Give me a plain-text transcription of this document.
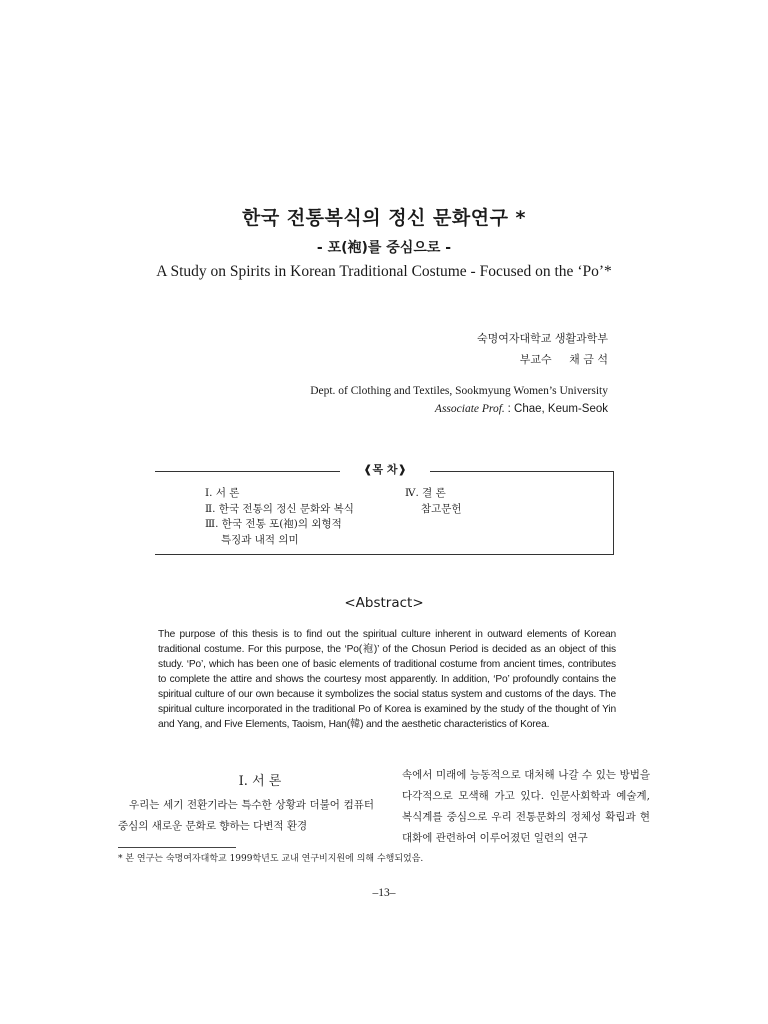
한국 전통복식의 정신 문화연구 *
- 포(袍)를 중심으로 -
A Study on Spirits in Korean Traditional Costume - Focused on the ‘Po’*
숙명여자대학교 생활과학부
부교수 채 금 석
Dept. of Clothing and Textiles, Sookmyung Women’s University
Associate Prof. : Chae, Keum-Seok
❰목 차❱
Ⅰ. 서 론
Ⅱ. 한국 전통의 정신 문화와 복식
Ⅲ. 한국 전통 포(袍)의 외형적
특징과 내적 의미
Ⅳ. 결 론
참고문헌
<Abstract>
The purpose of this thesis is to find out the spiritual culture inherent in outward elements of Korean traditional costume. For this purpose, the ‘Po(袍)’ of the Chosun Period is decided as an object of this study. ‘Po’, which has been one of basic elements of traditional costume from ancient times, contributes to complete the attire and shows the courtesy most apparently. In addition, ‘Po’ profoundly contains the spiritual culture of our own because it symbolizes the social status system and customs of the days. The spiritual culture incorporated in the traditional Po of Korea is examined by the study of the thought of Yin and Yang, and Five Elements, Taoism, Han(韓) and the aesthetic characteristics of Korea.
Ⅰ. 서 론
우리는 세기 전환기라는 특수한 상황과 더불어 컴퓨터 중심의 새로운 문화로 향하는 다변적 환경
속에서 미래에 능동적으로 대처해 나갈 수 있는 방법을 다각적으로 모색해 가고 있다. 인문사회학과 예술계, 복식계를 중심으로 우리 전통문화의 정체성 확립과 현대화에 관련하여 이루어졌던 일련의 연구
* 본 연구는 숙명여자대학교 1999학년도 교내 연구비지원에 의해 수행되었음.
–13–
